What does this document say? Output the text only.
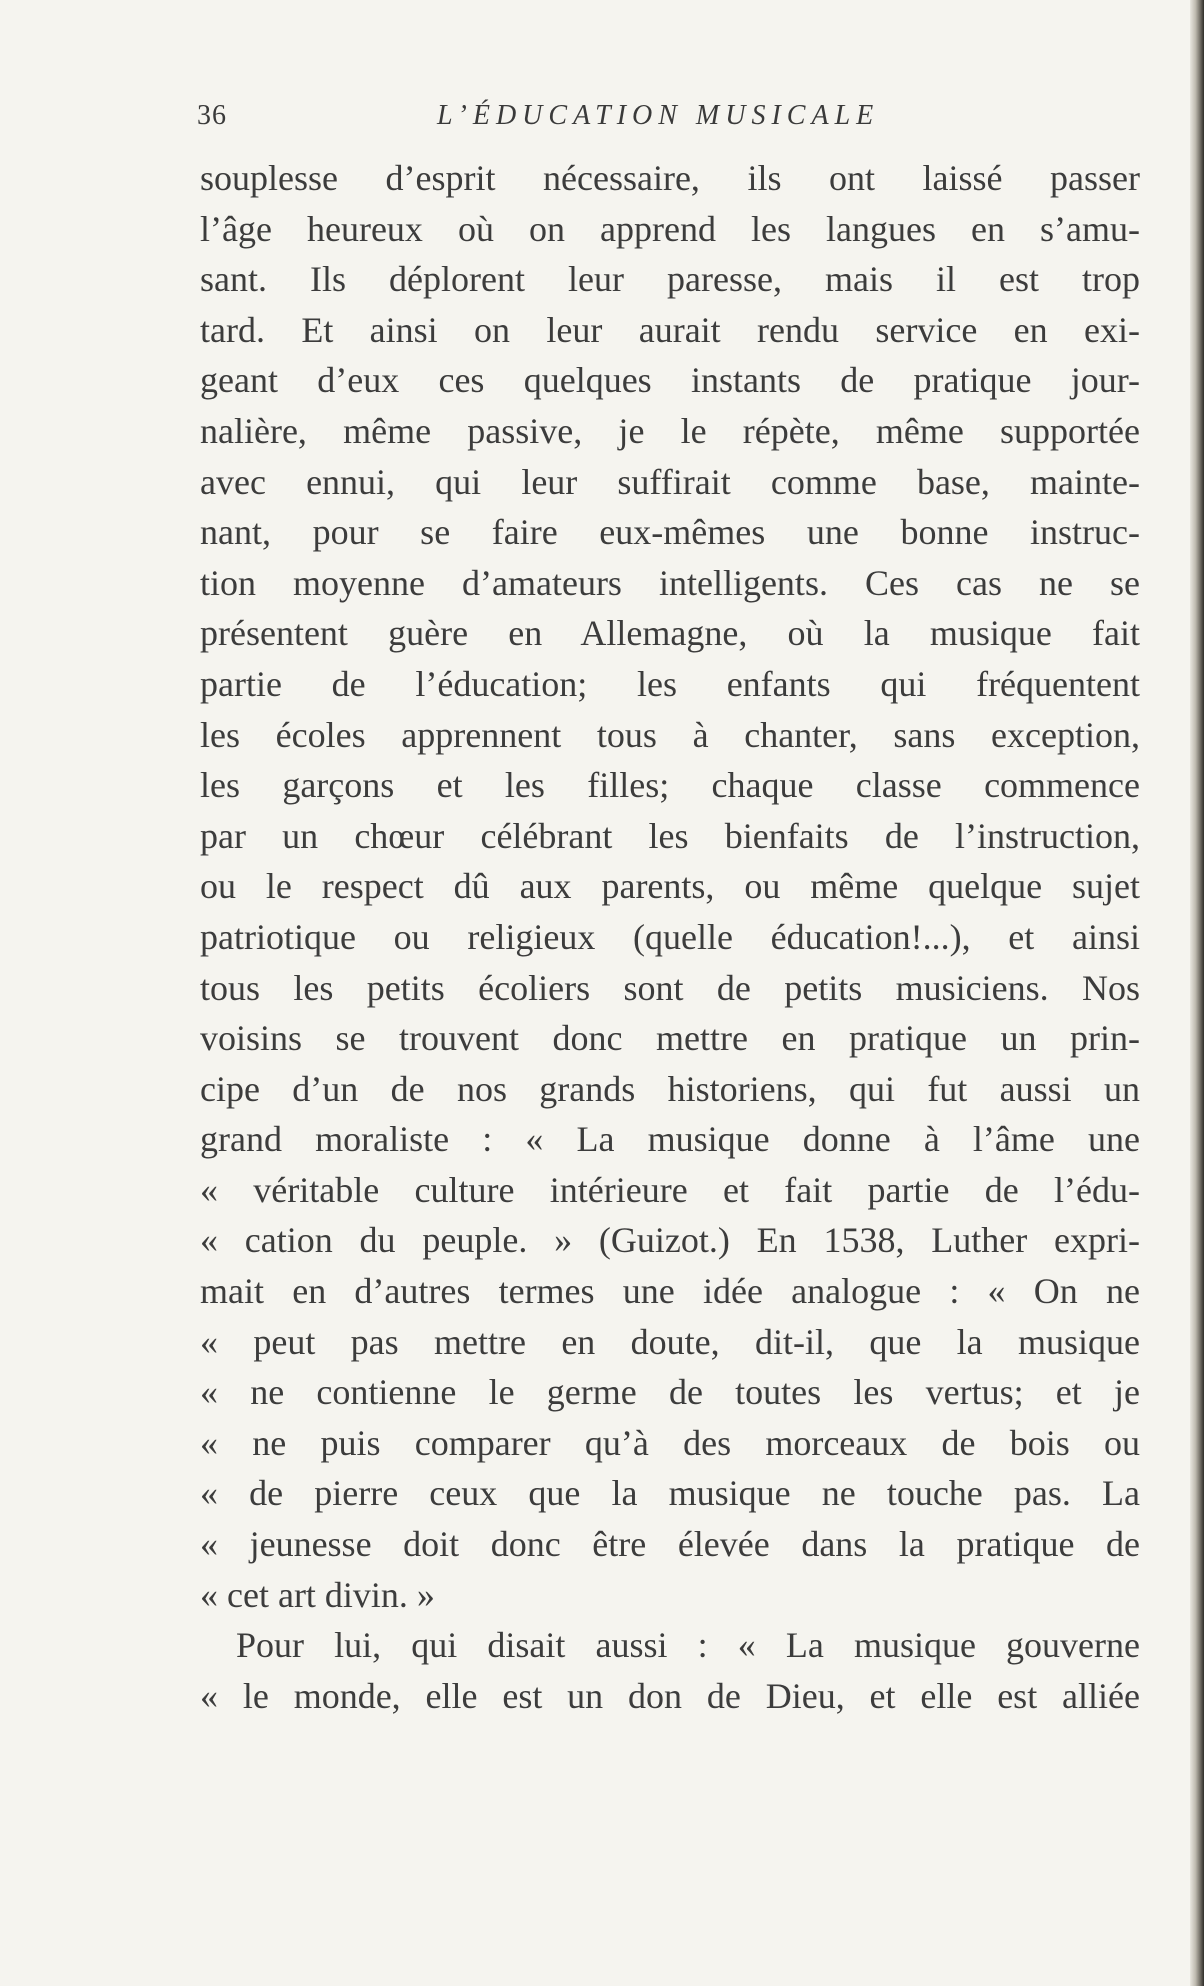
36	L’ÉDUCATION MUSICALE
souplesse d’esprit nécessaire, ils ont laissé passer
l’âge heureux où on apprend les langues en s’amu-
sant. Ils déplorent leur paresse, mais il est trop
tard. Et ainsi on leur aurait rendu service en exi-
geant d’eux ces quelques instants de pratique jour-
nalière, même passive, je le répète, même supportée
avec ennui, qui leur suffirait comme base, mainte-
nant, pour se faire eux-mêmes une bonne instruc-
tion moyenne d’amateurs intelligents. Ces cas ne se
présentent guère en Allemagne, où la musique fait
partie de l’éducation; les enfants qui fréquentent
les écoles apprennent tous à chanter, sans exception,
les garçons et les filles; chaque classe commence
par un chœur célébrant les bienfaits de l’instruction,
ou le respect dû aux parents, ou même quelque sujet
patriotique ou religieux (quelle éducation!...), et ainsi
tous les petits écoliers sont de petits musiciens. Nos
voisins se trouvent donc mettre en pratique un prin-
cipe d’un de nos grands historiens, qui fut aussi un
grand moraliste : « La musique donne à l’âme une
« véritable culture intérieure et fait partie de l’édu-
« cation du peuple. » (Guizot.) En 1538, Luther expri-
mait en d’autres termes une idée analogue : « On ne
« peut pas mettre en doute, dit-il, que la musique
« ne contienne le germe de toutes les vertus; et je
« ne puis comparer qu’à des morceaux de bois ou
« de pierre ceux que la musique ne touche pas. La
« jeunesse doit donc être élevée dans la pratique de
« cet art divin. »
Pour lui, qui disait aussi : « La musique gouverne
« le monde, elle est un don de Dieu, et elle est alliée
